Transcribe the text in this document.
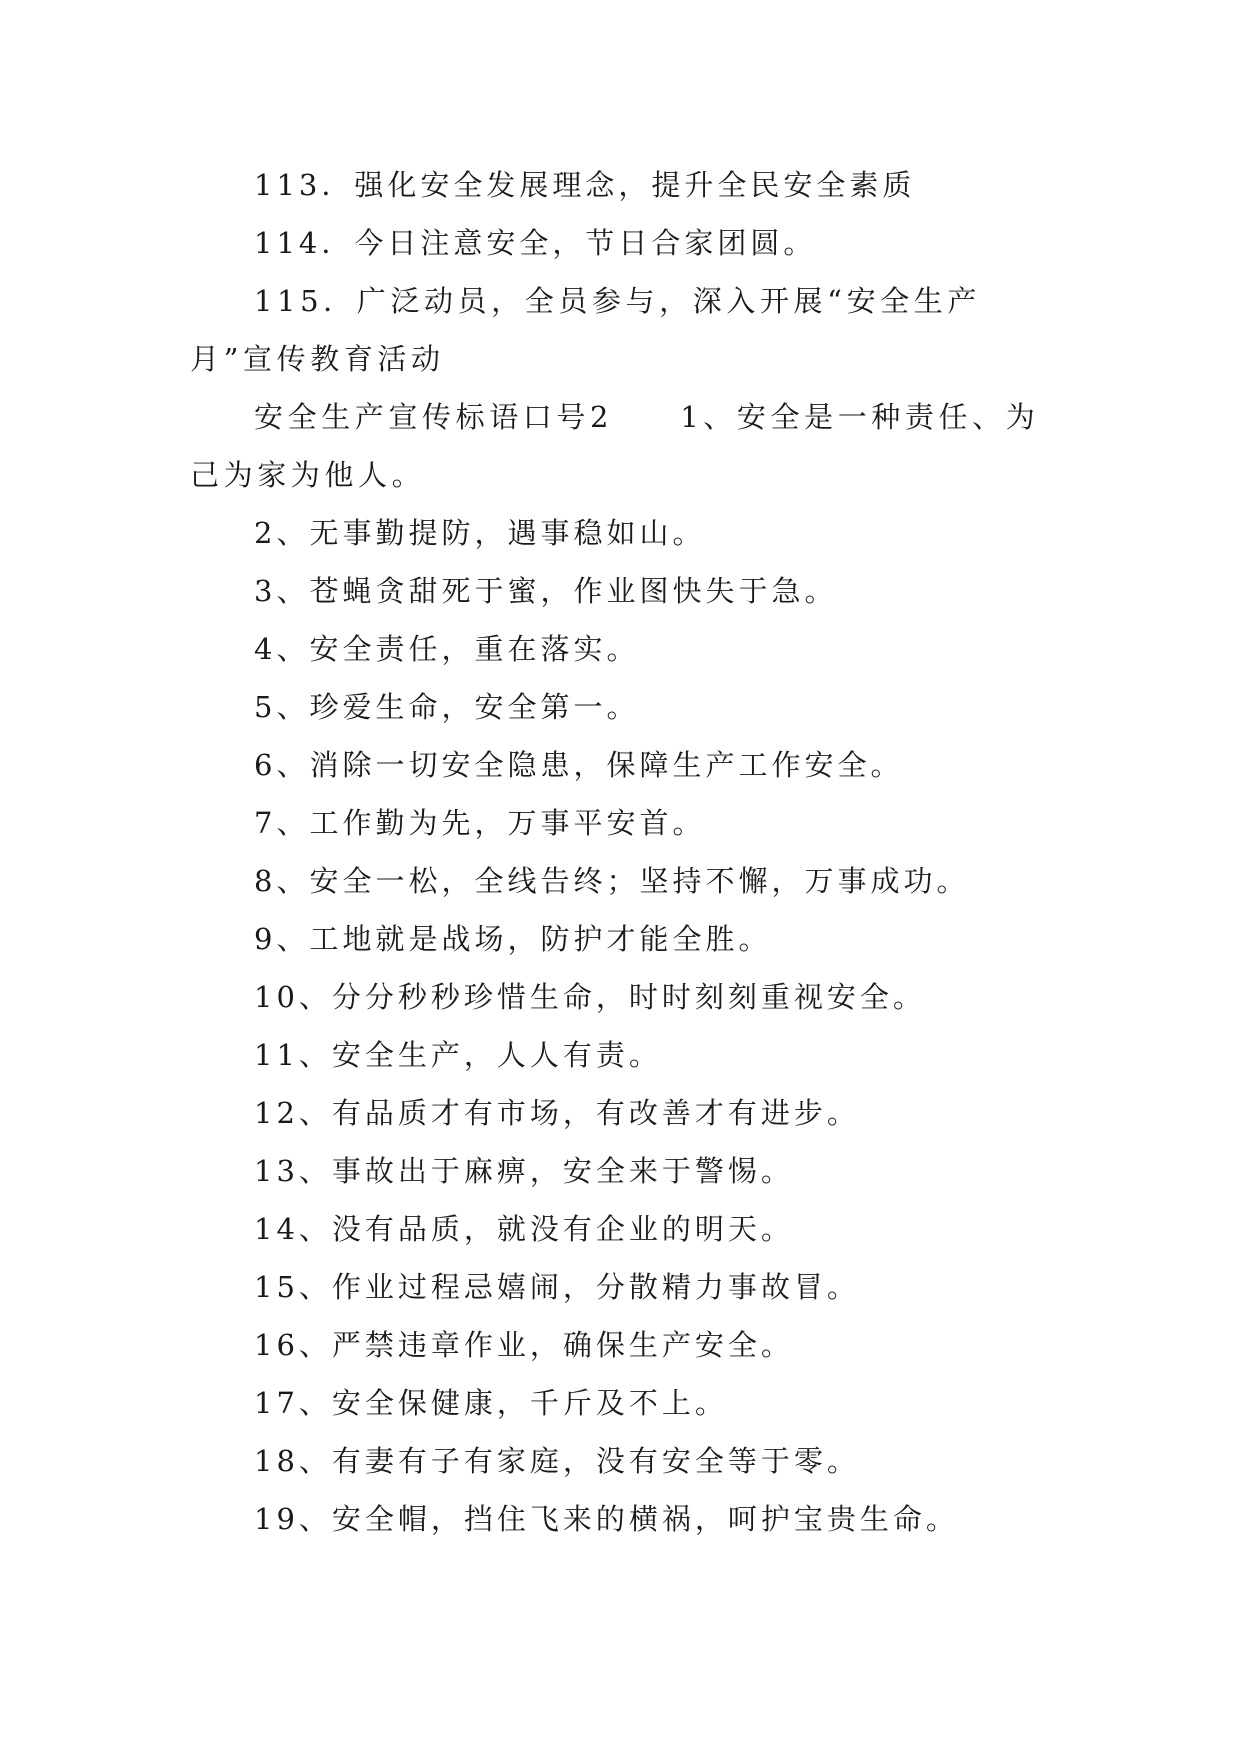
113．强化安全发展理念，提升全民安全素质

114．今日注意安全，节日合家团圆。

115．广泛动员，全员参与，深入开展“安全生产月”宣传教育活动

安全生产宣传标语口号2　　1、安全是一种责任、为己为家为他人。

2、无事勤提防，遇事稳如山。

3、苍蝇贪甜死于蜜，作业图快失于急。

4、安全责任，重在落实。

5、珍爱生命，安全第一。

6、消除一切安全隐患，保障生产工作安全。

7、工作勤为先，万事平安首。

8、安全一松，全线告终；坚持不懈，万事成功。

9、工地就是战场，防护才能全胜。

10、分分秒秒珍惜生命，时时刻刻重视安全。

11、安全生产，人人有责。

12、有品质才有市场，有改善才有进步。

13、事故出于麻痹，安全来于警惕。

14、没有品质，就没有企业的明天。

15、作业过程忌嬉闹，分散精力事故冒。

16、严禁违章作业，确保生产安全。

17、安全保健康，千斤及不上。

18、有妻有子有家庭，没有安全等于零。

19、安全帽，挡住飞来的横祸，呵护宝贵生命。
